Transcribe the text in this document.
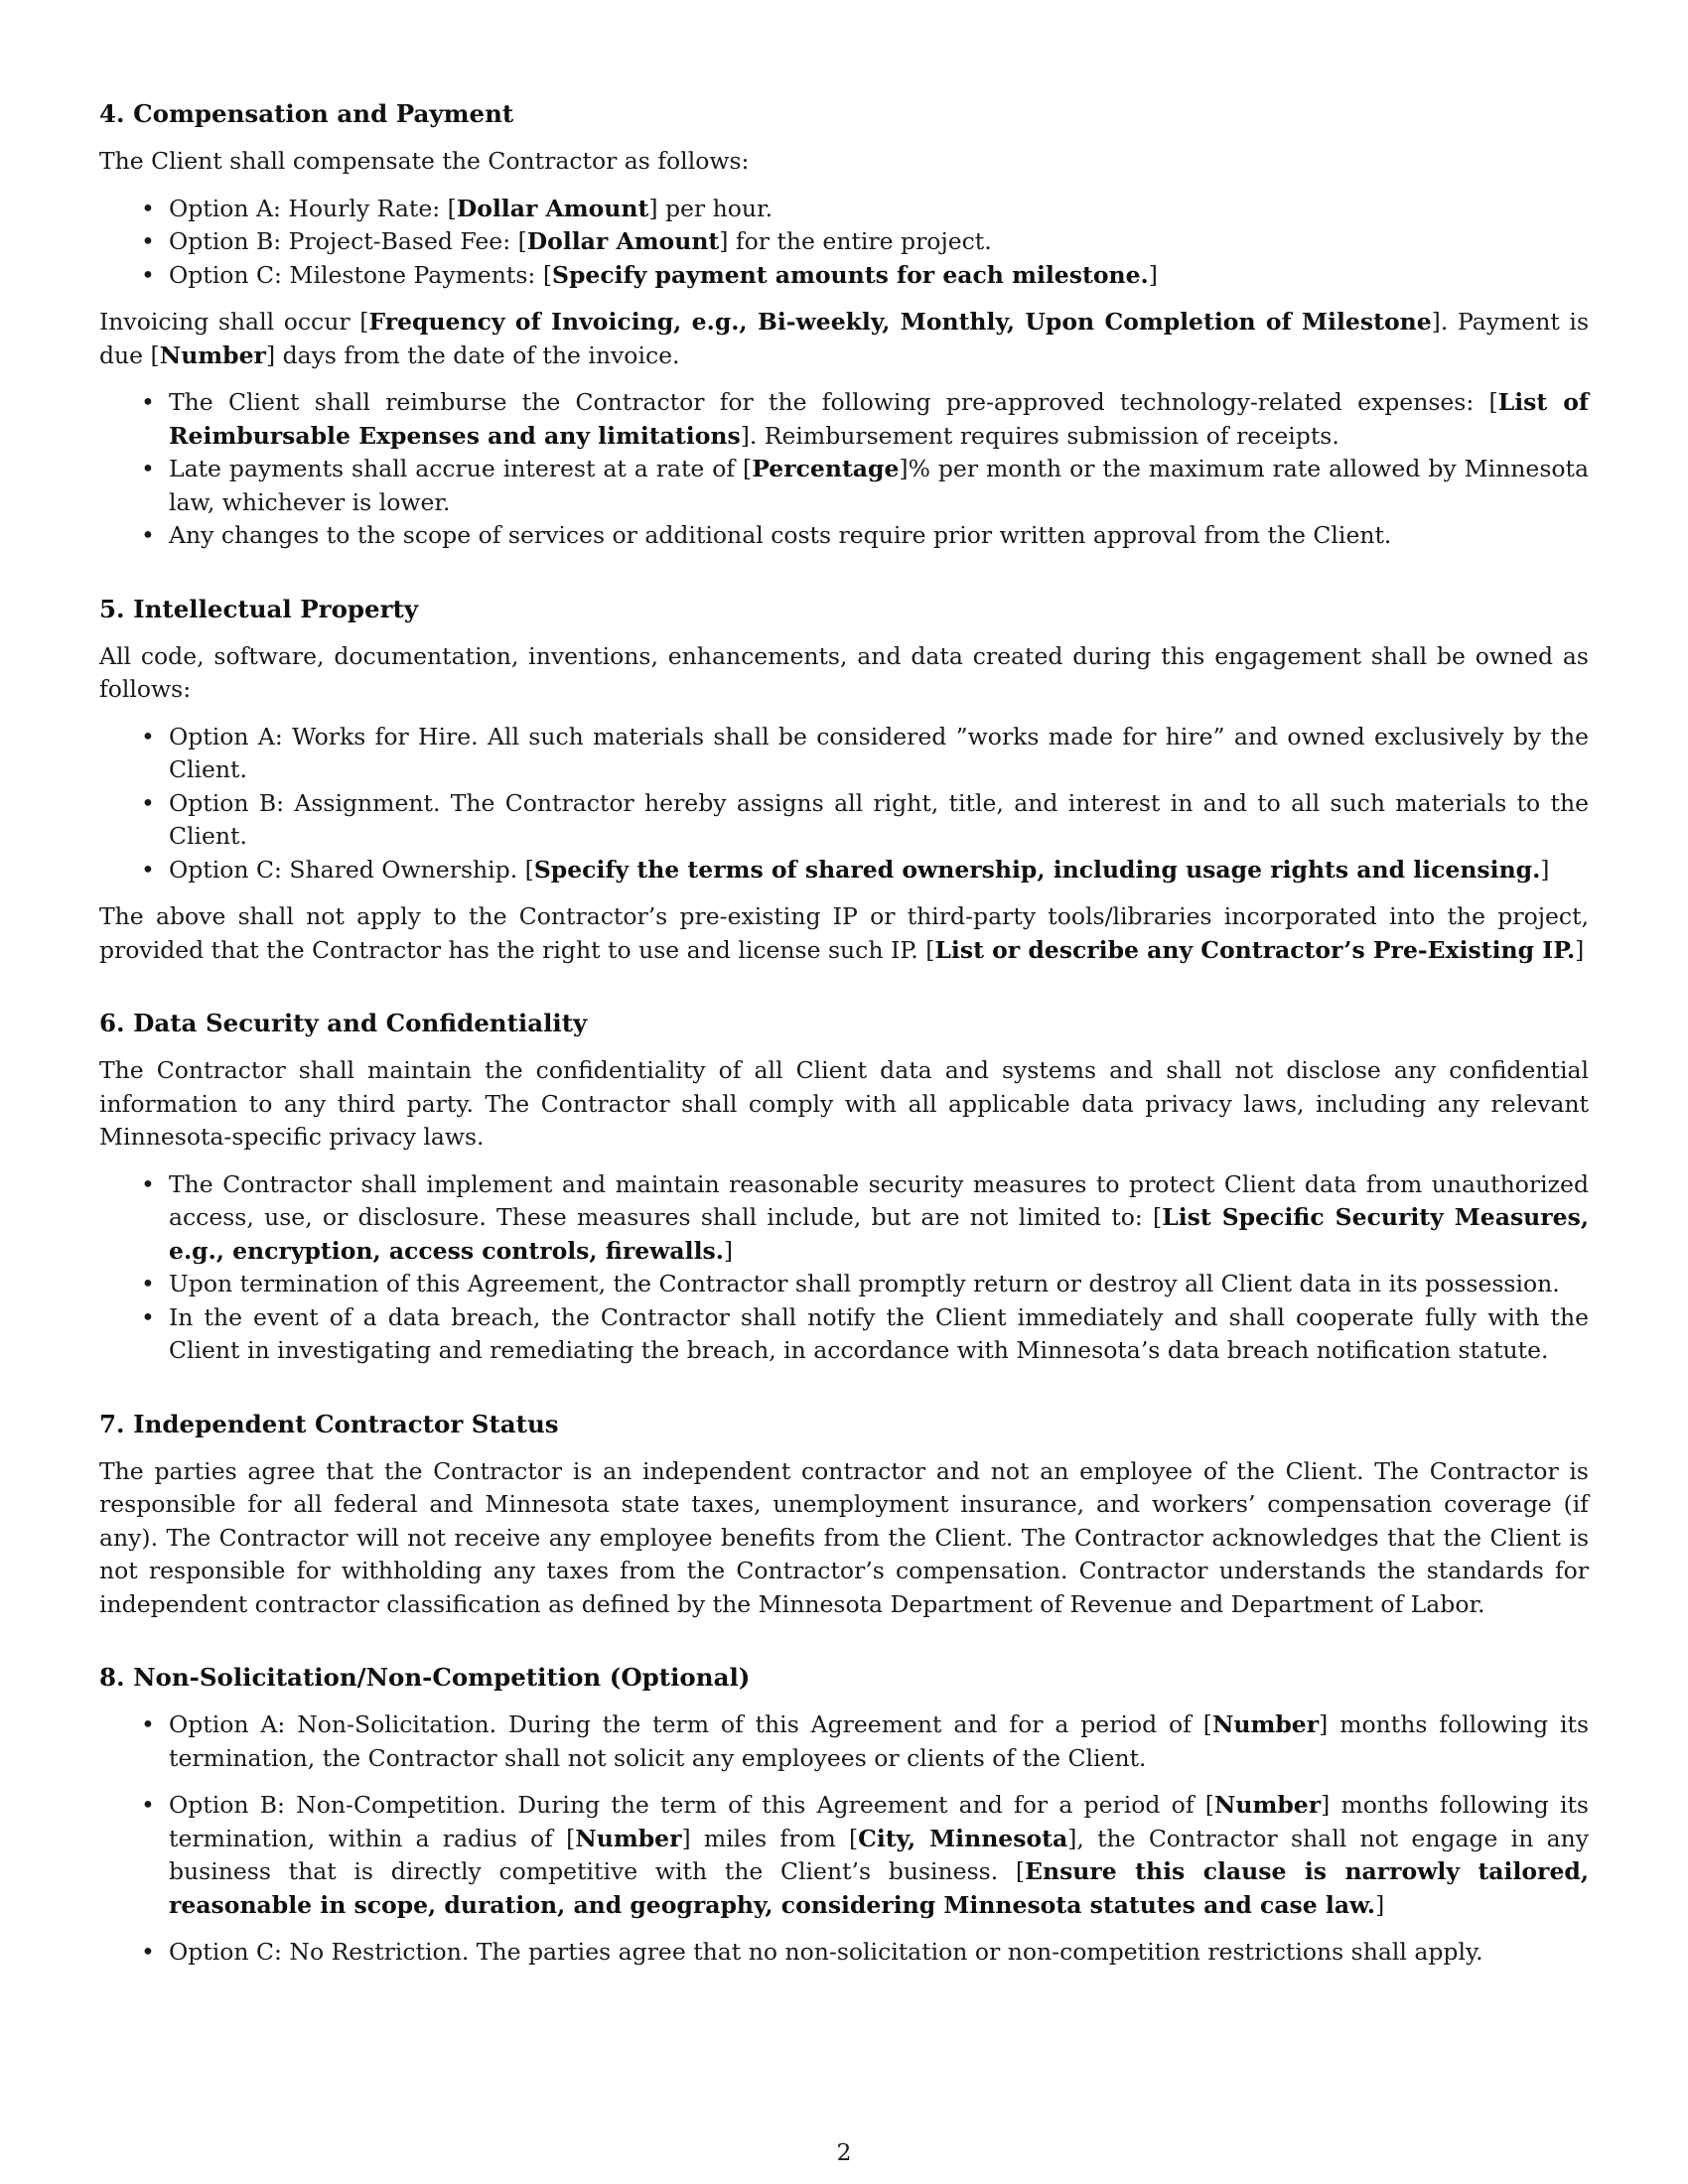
4. Compensation and Payment

The Client shall compensate the Contractor as follows:

• Option A: Hourly Rate: [Dollar Amount] per hour.
• Option B: Project-Based Fee: [Dollar Amount] for the entire project.
• Option C: Milestone Payments: [Specify payment amounts for each milestone.]

Invoicing shall occur [Frequency of Invoicing, e.g., Bi-weekly, Monthly, Upon Completion of Milestone]. Payment is due [Number] days from the date of the invoice.

• The Client shall reimburse the Contractor for the following pre-approved technology-related expenses: [List of Reimbursable Expenses and any limitations]. Reimbursement requires submission of receipts.
• Late payments shall accrue interest at a rate of [Percentage]% per month or the maximum rate allowed by Minnesota law, whichever is lower.
• Any changes to the scope of services or additional costs require prior written approval from the Client.
5. Intellectual Property

All code, software, documentation, inventions, enhancements, and data created during this engagement shall be owned as follows:

• Option A: Works for Hire. All such materials shall be considered ”works made for hire” and owned exclusively by the Client.
• Option B: Assignment. The Contractor hereby assigns all right, title, and interest in and to all such materials to the Client.
• Option C: Shared Ownership. [Specify the terms of shared ownership, including usage rights and licensing.]

The above shall not apply to the Contractor’s pre-existing IP or third-party tools/libraries incorporated into the project, provided that the Contractor has the right to use and license such IP. [List or describe any Contractor’s Pre-Existing IP.]

6. Data Security and Confidentiality

The Contractor shall maintain the confidentiality of all Client data and systems and shall not disclose any confidential information to any third party. The Contractor shall comply with all applicable data privacy laws, including any relevant Minnesota-specific privacy laws.

• The Contractor shall implement and maintain reasonable security measures to protect Client data from unauthorized access, use, or disclosure. These measures shall include, but are not limited to: [List Specific Security Measures, e.g., encryption, access controls, firewalls.]
• Upon termination of this Agreement, the Contractor shall promptly return or destroy all Client data in its possession.
• In the event of a data breach, the Contractor shall notify the Client immediately and shall cooperate fully with the Client in investigating and remediating the breach, in accordance with Minnesota’s data breach notification statute.
7. Independent Contractor Status

The parties agree that the Contractor is an independent contractor and not an employee of the Client. The Contractor is responsible for all federal and Minnesota state taxes, unemployment insurance, and workers’ compensation coverage (if any). The Contractor will not receive any employee benefits from the Client. The Contractor acknowledges that the Client is not responsible for withholding any taxes from the Contractor’s compensation. Contractor understands the standards for independent contractor classification as defined by the Minnesota Department of Revenue and Department of Labor.

8. Non-Solicitation/Non-Competition (Optional)
• Option A: Non-Solicitation. During the term of this Agreement and for a period of [Number] months following its termination, the Contractor shall not solicit any employees or clients of the Client.
• Option B: Non-Competition. During the term of this Agreement and for a period of [Number] months following its termination, within a radius of [Number] miles from [City, Minnesota], the Contractor shall not engage in any business that is directly competitive with the Client’s business. [Ensure this clause is narrowly tailored, reasonable in scope, duration, and geography, considering Minnesota statutes and case law.]
• Option C: No Restriction. The parties agree that no non-solicitation or non-competition restrictions shall apply.
2
